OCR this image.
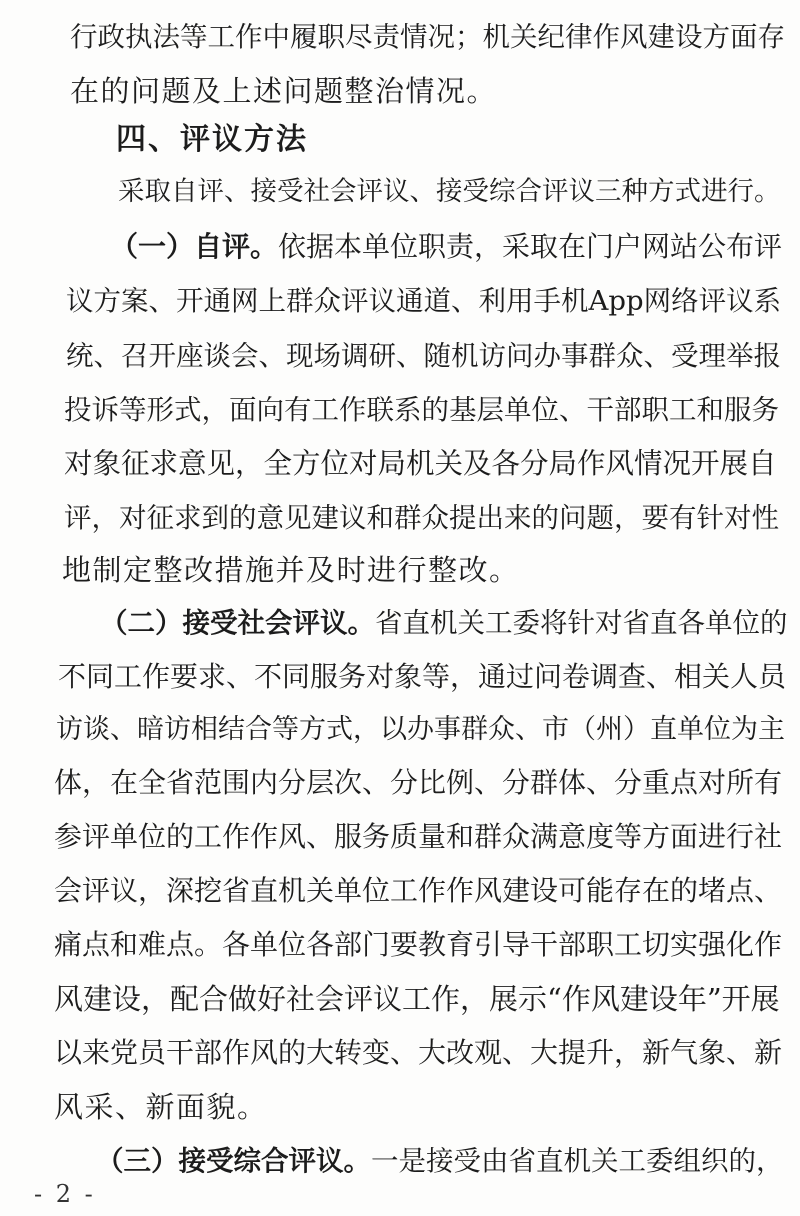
行政执法等工作中履职尽责情况；机关纪律作风建设方面存
在的问题及上述问题整治情况。
四、评议方法
采取自评、接受社会评议、接受综合评议三种方式进行。
（一）自评。依据本单位职责，采取在门户网站公布评
议方案、开通网上群众评议通道、利用手机App网络评议系
统、召开座谈会、现场调研、随机访问办事群众、受理举报
投诉等形式，面向有工作联系的基层单位、干部职工和服务
对象征求意见，全方位对局机关及各分局作风情况开展自
评，对征求到的意见建议和群众提出来的问题，要有针对性
地制定整改措施并及时进行整改。
（二）接受社会评议。省直机关工委将针对省直各单位的
不同工作要求、不同服务对象等，通过问卷调查、相关人员
访谈、暗访相结合等方式，以办事群众、市（州）直单位为主
体，在全省范围内分层次、分比例、分群体、分重点对所有
参评单位的工作作风、服务质量和群众满意度等方面进行社
会评议，深挖省直机关单位工作作风建设可能存在的堵点、
痛点和难点。各单位各部门要教育引导干部职工切实强化作
风建设，配合做好社会评议工作，展示“作风建设年”开展
以来党员干部作风的大转变、大改观、大提升，新气象、新
风采、新面貌。
（三）接受综合评议。一是接受由省直机关工委组织的，
- 2 -
